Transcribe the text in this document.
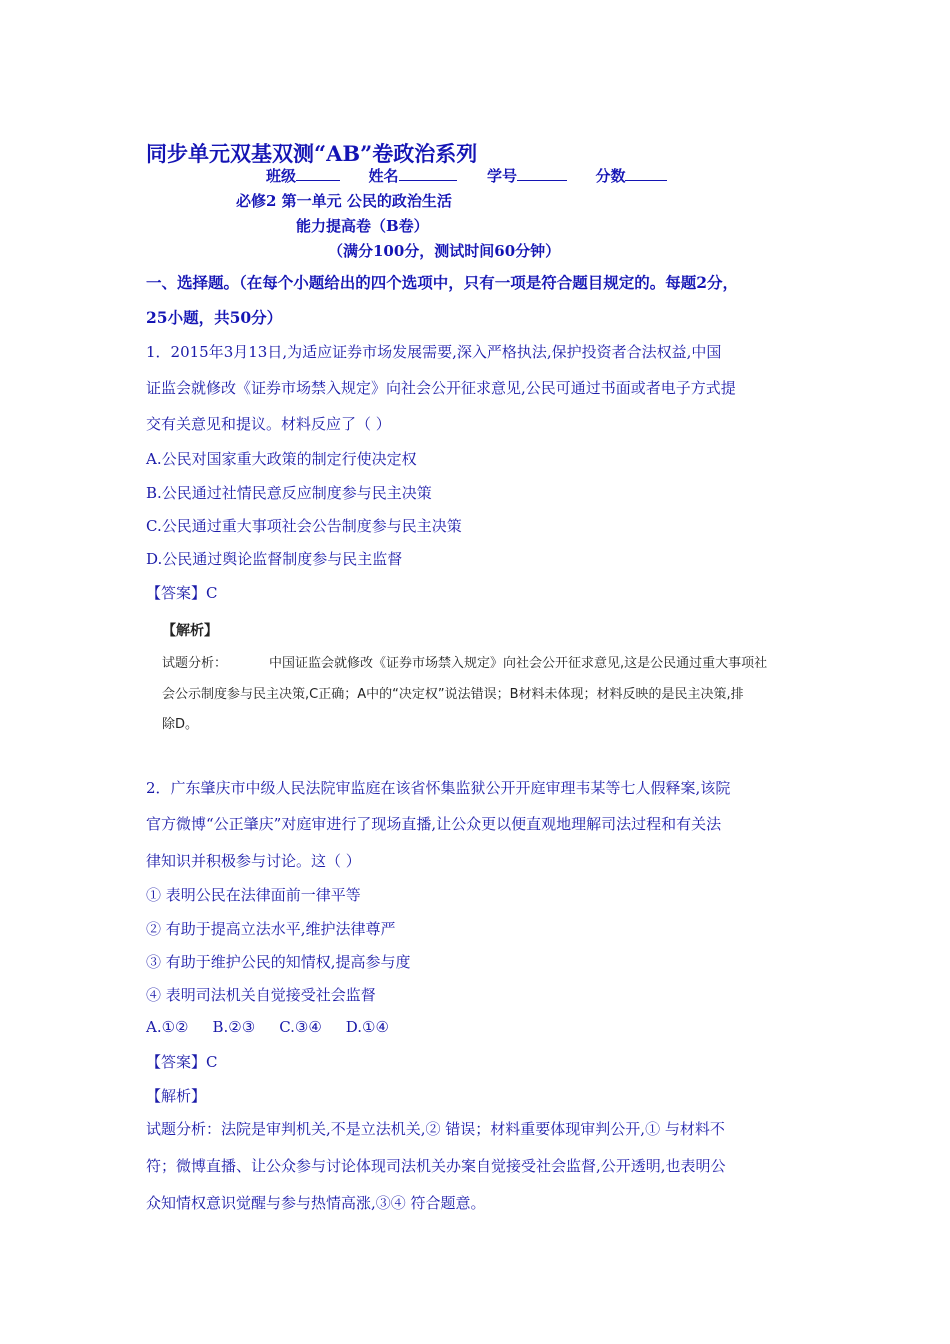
同步单元双基双测“AB”卷政治系列
班级	姓名	学号	分数
必修2 第一单元 公民的政治生活
能力提高卷（B卷）
（满分100分，测试时间60分钟）
一、选择题。（在每个小题给出的四个选项中，只有一项是符合题目规定的。每题2分，
25小题，共50分）
1．2015年3月13日,为适应证券市场发展需要,深入严格执法,保护投资者合法权益,中国
证监会就修改《证券市场禁入规定》向社会公开征求意见,公民可通过书面或者电子方式提
交有关意见和提议。材料反应了（ ）
A.公民对国家重大政策的制定行使决定权
B.公民通过社情民意反应制度参与民主决策
C.公民通过重大事项社会公告制度参与民主决策
D.公民通过舆论监督制度参与民主监督
【答案】C
【解析】
试题分析：	中国证监会就修改《证券市场禁入规定》向社会公开征求意见,这是公民通过重大事项社
会公示制度参与民主决策,C正确；A中的“决定权”说法错误；B材料未体现；材料反映的是民主决策,排
除D。
2．广东肇庆市中级人民法院审监庭在该省怀集监狱公开开庭审理韦某等七人假释案,该院
官方微博“公正肇庆”对庭审进行了现场直播,让公众更以便直观地理解司法过程和有关法
律知识并积极参与讨论。这（ ）
① 表明公民在法律面前一律平等
② 有助于提高立法水平,维护法律尊严
③ 有助于维护公民的知情权,提高参与度
④ 表明司法机关自觉接受社会监督
A.①② B.②③ C.③④ D.①④
【答案】C
【解析】
试题分析：法院是审判机关,不是立法机关,② 错误；材料重要体现审判公开,① 与材料不
符；微博直播、让公众参与讨论体现司法机关办案自觉接受社会监督,公开透明,也表明公
众知情权意识觉醒与参与热情高涨,③④ 符合题意。
